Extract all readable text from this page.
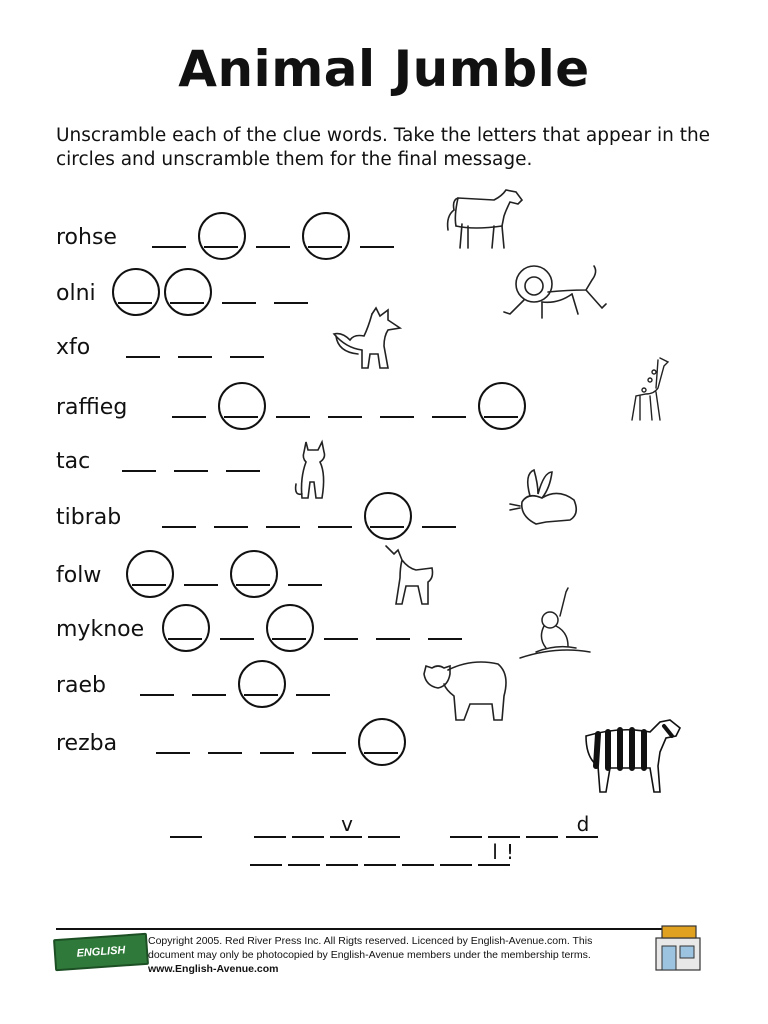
Animal Jumble
Unscramble each of the clue words. Take the letters that appear in the circles and unscramble them for the final message.
rohse
olni
xfo
raffieg
tac
tibrab
folw
myknoe
raeb
rezba
v	d
l !
ENGLISH AVENUE
Copyright 2005. Red River Press Inc. All Rigts reserved. Licenced by English-Avenue.com. This
document may only be photocopied by English-Avenue members under the membership terms.
www.English-Avenue.com
